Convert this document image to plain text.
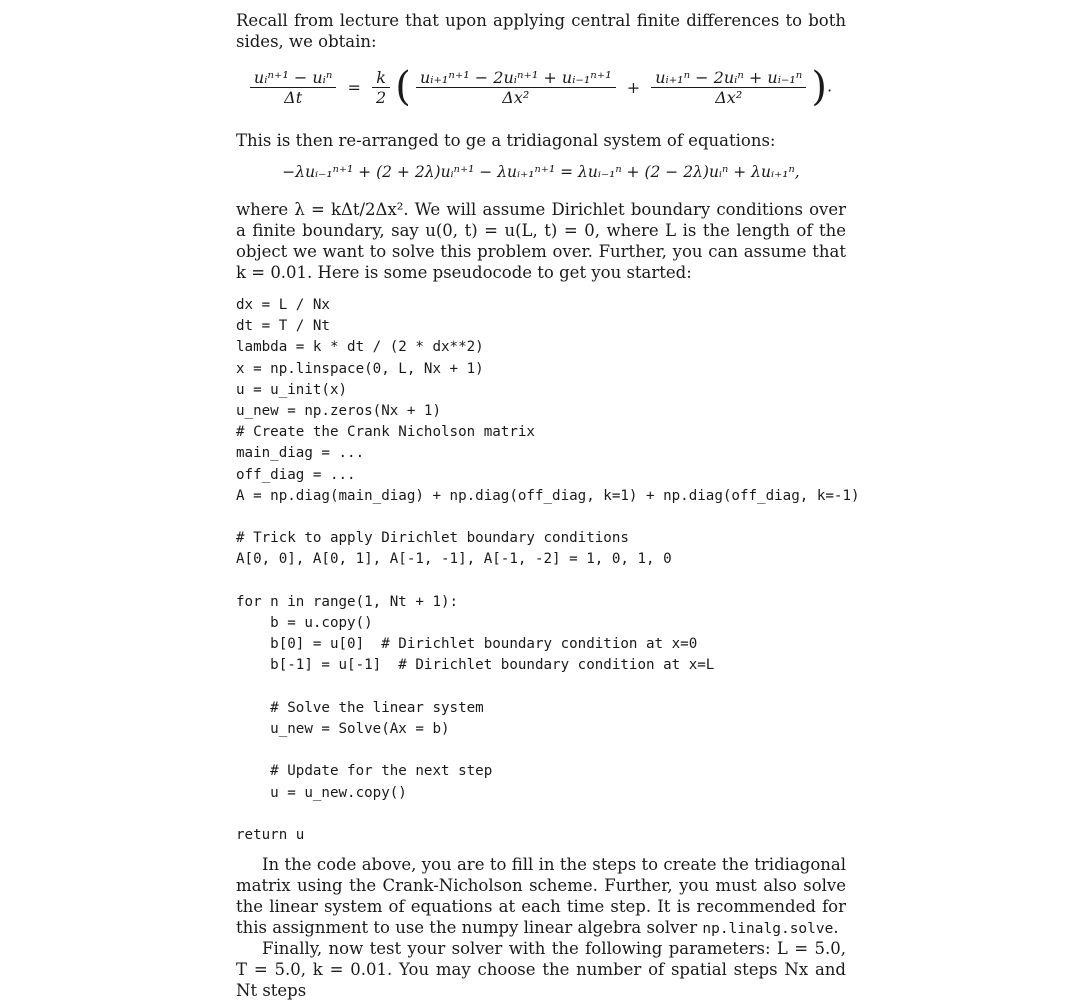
Recall from lecture that upon applying central finite differences to both sides, we obtain:

$\frac{\text{uᵢⁿ⁺¹ − uᵢⁿ}}{\Delta t} = \frac{k}{2}$ ( $\frac{\text{uᵢ₊₁ⁿ⁺¹ − 2uᵢⁿ⁺¹ + uᵢ₋₁ⁿ⁺¹}}{\text{Δx²}} + \frac{\text{uᵢ₊₁ⁿ − 2uᵢⁿ + uᵢ₋₁ⁿ}}{\text{Δx²}}$ ).

This is then re-arranged to ge a tridiagonal system of equations:

−λuᵢ₋₁ⁿ⁺¹ + (2 + 2λ)uᵢⁿ⁺¹ − λuᵢ₊₁ⁿ⁺¹ = λuᵢ₋₁ⁿ + (2 − 2λ)uᵢⁿ + λuᵢ₊₁ⁿ,

where λ = kΔt/2Δx². We will assume Dirichlet boundary conditions over a finite boundary, say u(0, t) = u(L, t) = 0, where L is the length of the object we want to solve this problem over. Further, you can assume that k = 0.01. Here is some pseudocode to get you started:

dx = L / Nx
dt = T / Nt
lambda = k * dt / (2 * dx**2)
x = np.linspace(0, L, Nx + 1)
u = u_init(x)
u_new = np.zeros(Nx + 1)
# Create the Crank Nicholson matrix
main_diag = ...
off_diag = ...
A = np.diag(main_diag) + np.diag(off_diag, k=1) + np.diag(off_diag, k=-1)

# Trick to apply Dirichlet boundary conditions
A[0, 0], A[0, 1], A[-1, -1], A[-1, -2] = 1, 0, 1, 0

for n in range(1, Nt + 1):
b = u.copy()
b[0] = u[0]  # Dirichlet boundary condition at x=0
b[-1] = u[-1]  # Dirichlet boundary condition at x=L

# Solve the linear system
u_new = Solve(Ax = b)

# Update for the next step
u = u_new.copy()

return u

In the code above, you are to fill in the steps to create the tridiagonal matrix using the Crank-Nicholson scheme. Further, you must also solve the linear system of equations at each time step. It is recommended for this assignment to use the numpy linear algebra solver np.linalg.solve.

Finally, now test your solver with the following parameters: L = 5.0, T = 5.0, k = 0.01. You may choose the number of spatial steps Nx and Nt steps
